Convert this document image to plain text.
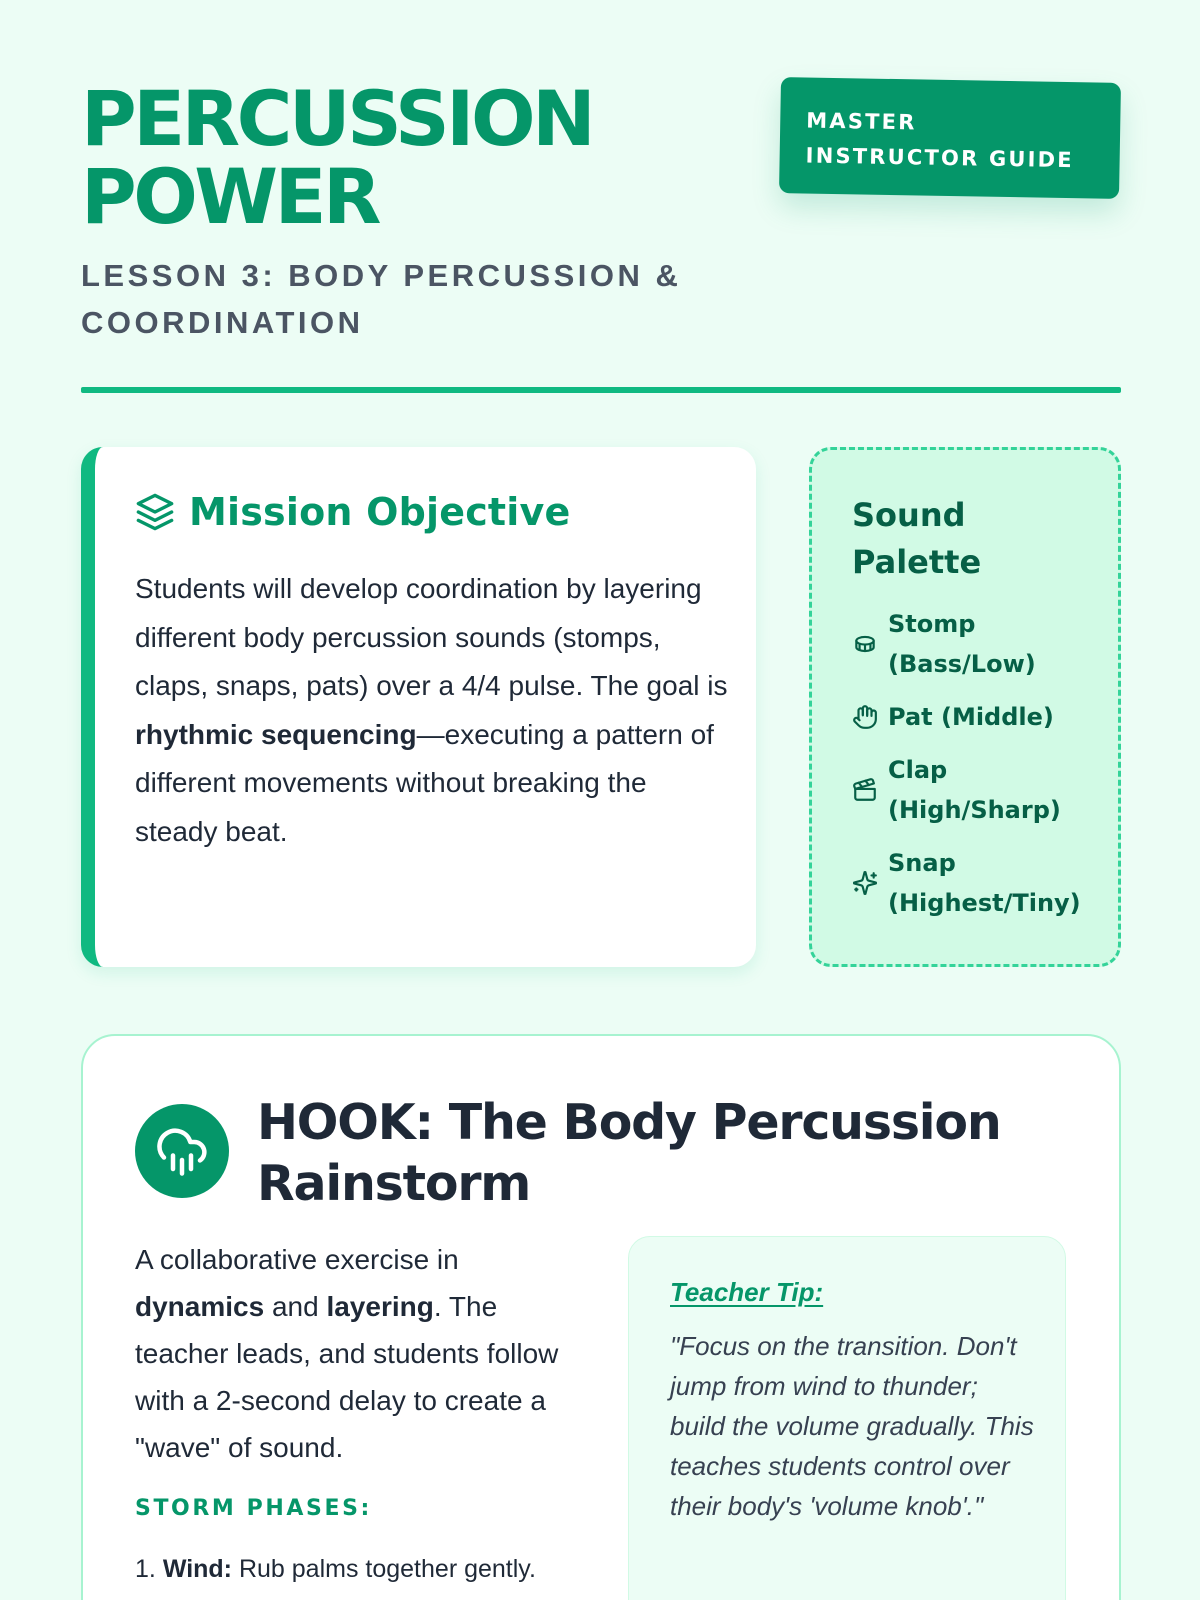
PERCUSSION
POWER
LESSON 3: BODY PERCUSSION & COORDINATION
MASTER
INSTRUCTOR GUIDE
Mission Objective

Students will develop coordination by layering different body percussion sounds (stomps, claps, snaps, pats) over a 4/4 pulse. The goal is rhythmic sequencing—executing a pattern of different movements without breaking the steady beat.

Sound Palette
Stomp (Bass/Low)
Pat (Middle)
Clap (High/Sharp)
Snap (Highest/Tiny)
HOOK: The Body Percussion Rainstorm

A collaborative exercise in dynamics and layering. The teacher leads, and students follow with a 2-second delay to create a "wave" of sound.

STORM PHASES:

1. Wind: Rub palms together gently.

Teacher Tip:

"Focus on the transition. Don't jump from wind to thunder; build the volume gradually. This teaches students control over their body's 'volume knob'."
